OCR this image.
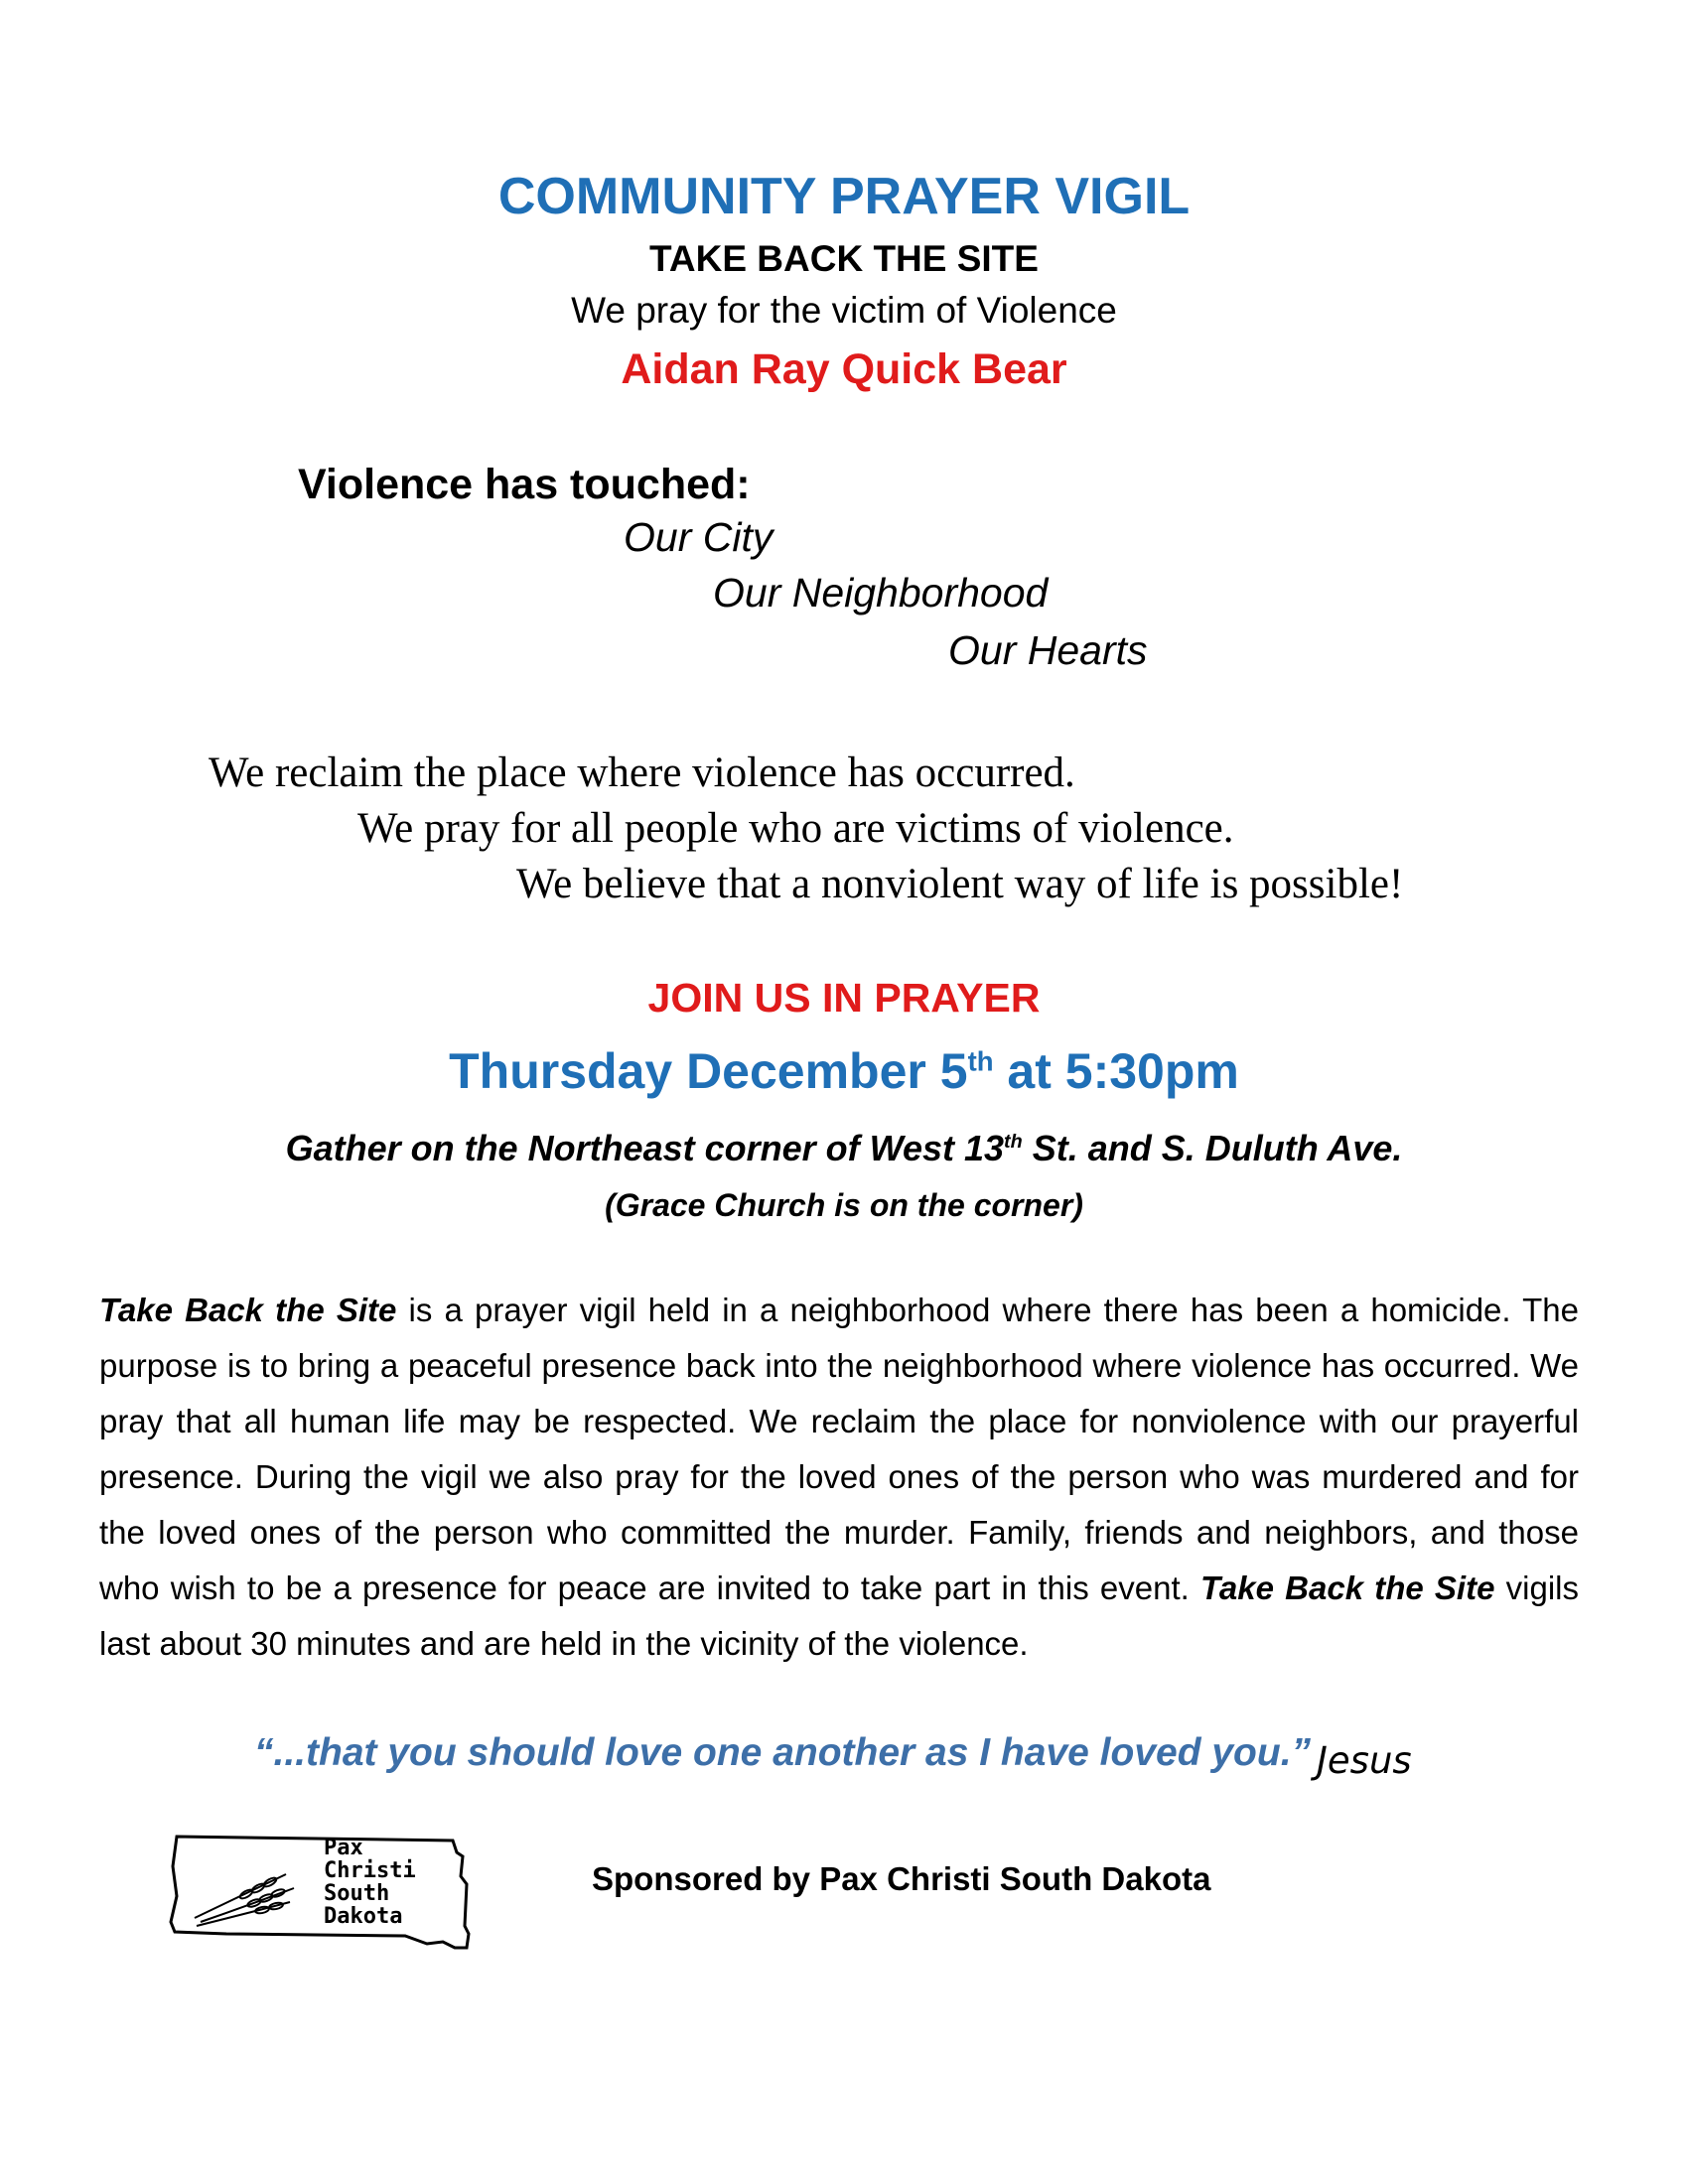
COMMUNITY PRAYER VIGIL
TAKE BACK THE SITE
We pray for the victim of Violence
Aidan Ray Quick Bear
Violence has touched:
Our City
Our Neighborhood
Our Hearts
We reclaim the place where violence has occurred.
We pray for all people who are victims of violence.
We believe that a nonviolent way of life is possible!
JOIN US IN PRAYER
Thursday December 5th at 5:30pm
Gather on the Northeast corner of West 13th St. and S. Duluth Ave.
(Grace Church is on the corner)
Take Back the Site is a prayer vigil held in a neighborhood where there has been a homicide. The purpose is to bring a peaceful presence back into the neighborhood where violence has occurred. We pray that all human life may be respected. We reclaim the place for nonviolence with our prayerful presence. During the vigil we also pray for the loved ones of the person who was murdered and for the loved ones of the person who committed the murder. Family, friends and neighbors, and those who wish to be a presence for peace are invited to take part in this event. Take Back the Site vigils last about 30 minutes and are held in the vicinity of the violence.
“...that you should love one another as I have loved you.” Jesus
Pax
Christi
South
Dakota
Sponsored by Pax Christi South Dakota
